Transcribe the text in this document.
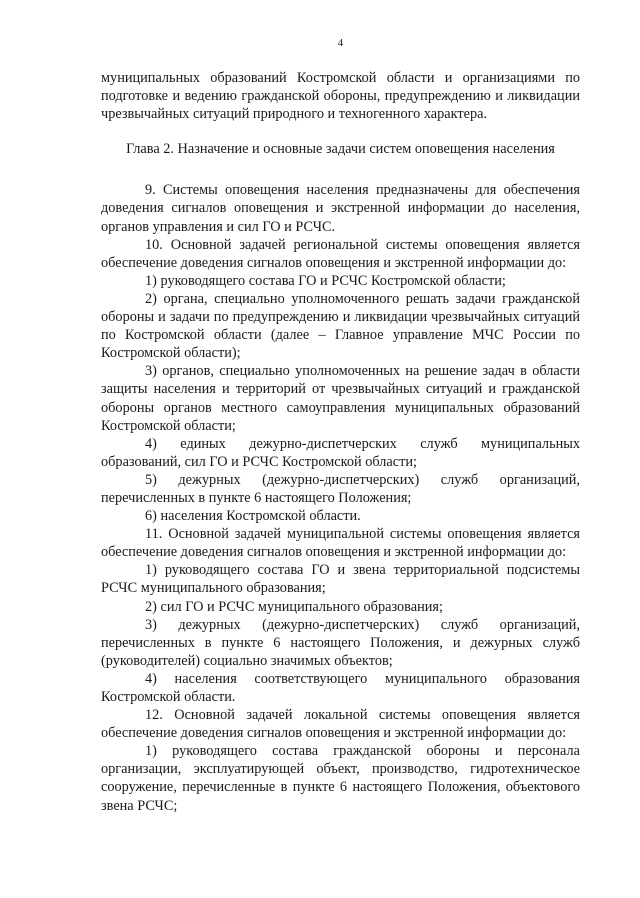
4

муниципальных образований Костромской области и организациями по подготовке и ведению гражданской обороны, предупреждению и ликвидации чрезвычайных ситуаций природного и техногенного характера.

Глава 2. Назначение и основные задачи систем оповещения населения

9. Системы оповещения населения предназначены для обеспечения доведения сигналов оповещения и экстренной информации до населения, органов управления и сил ГО и РСЧС.

10. Основной задачей региональной системы оповещения является обеспечение доведения сигналов оповещения и экстренной информации до:

1) руководящего состава ГО и РСЧС Костромской области;

2) органа, специально уполномоченного решать задачи гражданской обороны и задачи по предупреждению и ликвидации чрезвычайных ситуаций по Костромской области (далее – Главное управление МЧС России по Костромской области);

3) органов, специально уполномоченных на решение задач в области защиты населения и территорий от чрезвычайных ситуаций и гражданской обороны органов местного самоуправления муниципальных образований Костромской области;

4) единых дежурно-диспетчерских служб муниципальных образований, сил ГО и РСЧС Костромской области;

5) дежурных (дежурно-диспетчерских) служб организаций, перечисленных в пункте 6 настоящего Положения;

6) населения Костромской области.

11. Основной задачей муниципальной системы оповещения является обеспечение доведения сигналов оповещения и экстренной информации до:

1) руководящего состава ГО и звена территориальной подсистемы РСЧС муниципального образования;

2) сил ГО и РСЧС муниципального образования;

3) дежурных (дежурно-диспетчерских) служб организаций, перечисленных в пункте 6 настоящего Положения, и дежурных служб (руководителей) социально значимых объектов;

4) населения соответствующего муниципального образования Костромской области.

12. Основной задачей локальной системы оповещения является обеспечение доведения сигналов оповещения и экстренной информации до:

1) руководящего состава гражданской обороны и персонала организации, эксплуатирующей объект, производство, гидротехническое сооружение, перечисленные в пункте 6 настоящего Положения, объектового звена РСЧС;
